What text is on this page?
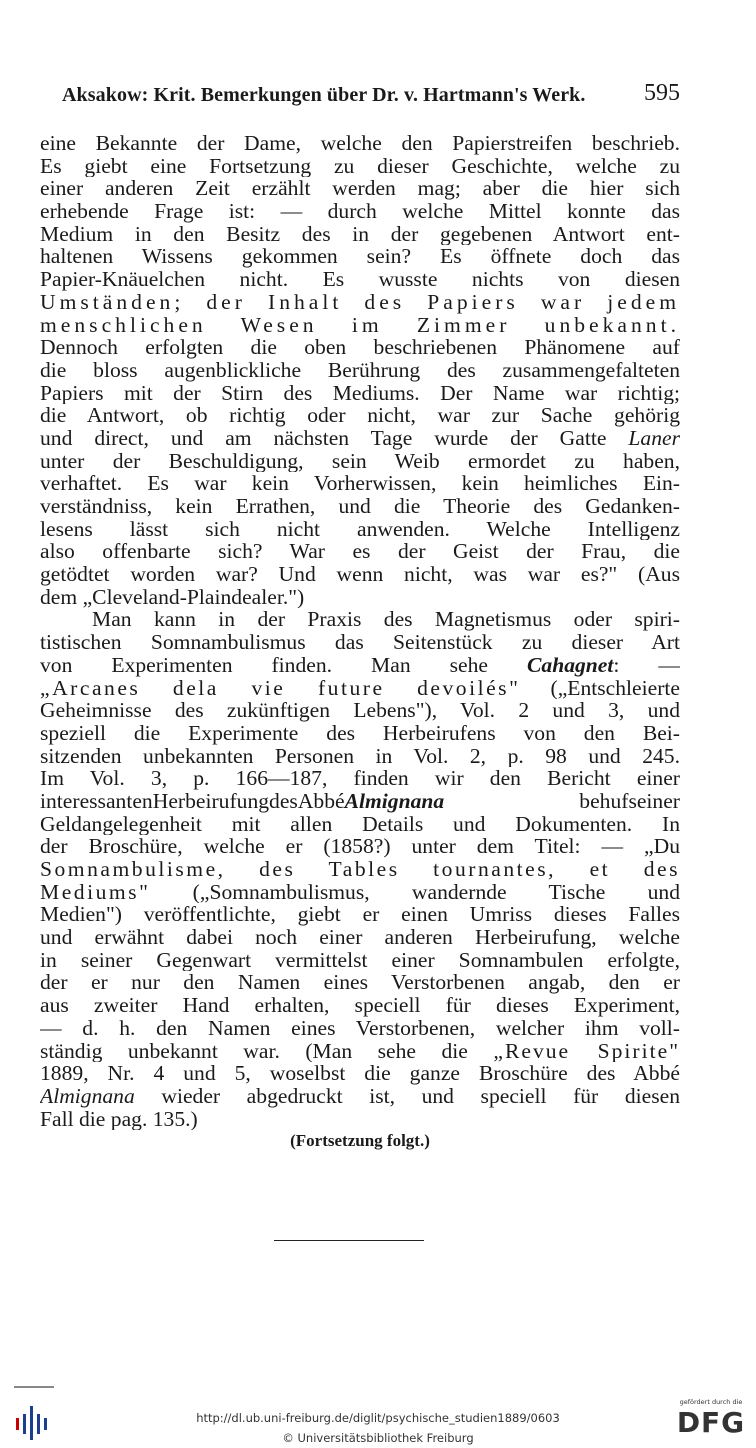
Aksakow: Krit. Bemerkungen über Dr. v. Hartmann's Werk. 595
eine Bekannte der Dame, welche den Papierstreifen beschrieb.
Es giebt eine Fortsetzung zu dieser Geschichte, welche zu
einer anderen Zeit erzählt werden mag; aber die hier sich
erhebende Frage ist: — durch welche Mittel konnte das
Medium in den Besitz des in der gegebenen Antwort ent-
haltenen Wissens gekommen sein? Es öffnete doch das
Papier-Knäuelchen nicht. Es wusste nichts von diesen
Umständen; der Inhalt des Papiers war jedem
menschlichen Wesen im Zimmer unbekannt.
Dennoch erfolgten die oben beschriebenen Phänomene auf
die bloss augenblickliche Berührung des zusammengefalteten
Papiers mit der Stirn des Mediums. Der Name war richtig;
die Antwort, ob richtig oder nicht, war zur Sache gehörig
und direct, und am nächsten Tage wurde der Gatte Laner
unter der Beschuldigung, sein Weib ermordet zu haben,
verhaftet. Es war kein Vorherwissen, kein heimliches Ein-
verständniss, kein Errathen, und die Theorie des Gedanken-
lesens lässt sich nicht anwenden. Welche Intelligenz
also offenbarte sich? War es der Geist der Frau, die
getödtet worden war? Und wenn nicht, was war es?" (Aus
dem „Cleveland-Plaindealer.")
Man kann in der Praxis des Magnetismus oder spiri-
tistischen Somnambulismus das Seitenstück zu dieser Art
von Experimenten finden. Man sehe Cahagnet: —
„Arcanes dela vie future devoilés" („Entschleierte
Geheimnisse des zukünftigen Lebens"), Vol. 2 und 3, und
speziell die Experimente des Herbeirufens von den Bei-
sitzenden unbekannten Personen in Vol. 2, p. 98 und 245.
Im Vol. 3, p. 166—187, finden wir den Bericht einer
interessantenHerbeirufungdesAbbéAlmignana behufseiner
Geldangelegenheit mit allen Details und Dokumenten. In
der Broschüre, welche er (1858?) unter dem Titel: — „Du
Somnambulisme, des Tables tournantes, et des
Mediums" („Somnambulismus, wandernde Tische und
Medien") veröffentlichte, giebt er einen Umriss dieses Falles
und erwähnt dabei noch einer anderen Herbeirufung, welche
in seiner Gegenwart vermittelst einer Somnambulen erfolgte,
der er nur den Namen eines Verstorbenen angab, den er
aus zweiter Hand erhalten, speciell für dieses Experiment,
— d. h. den Namen eines Verstorbenen, welcher ihm voll-
ständig unbekannt war. (Man sehe die „Revue Spirite"
1889, Nr. 4 und 5, woselbst die ganze Broschüre des Abbé
Almignana wieder abgedruckt ist, und speciell für diesen
Fall die pag. 135.)
(Fortsetzung folgt.)
http://dl.ub.uni-freiburg.de/diglit/psychische_studien1889/0603
© Universitätsbibliothek Freiburg
gefördert durch die
DFG
